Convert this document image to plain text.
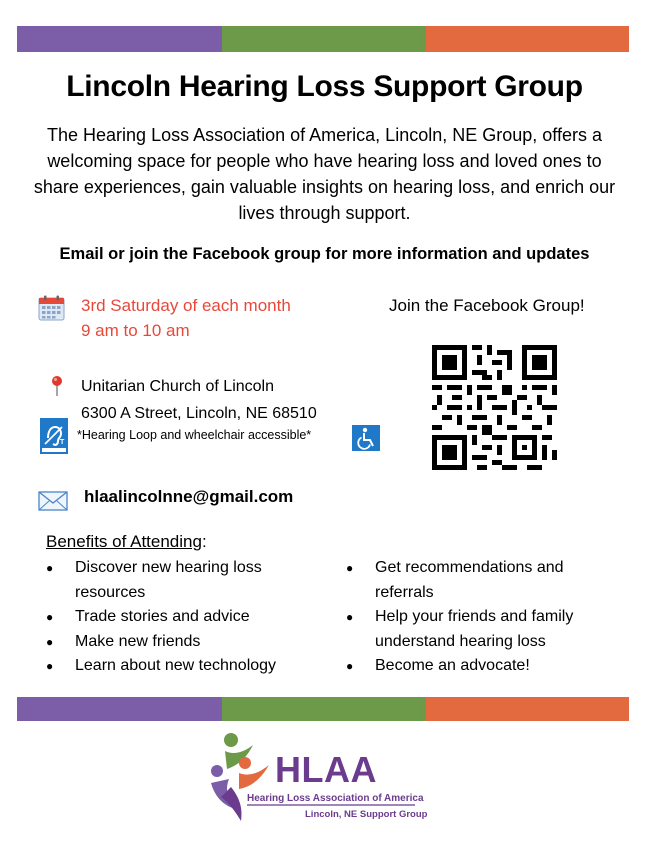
Lincoln Hearing Loss Support Group
The Hearing Loss Association of America, Lincoln, NE Group, offers a welcoming space for people who have hearing loss and loved ones to share experiences, gain valuable insights on hearing loss, and enrich our lives through support.
Email or join the Facebook group for more information and updates
3rd Saturday of each month
9 am to 10 am
Join the Facebook Group!
Unitarian Church of Lincoln
6300 A Street, Lincoln, NE 68510
T
*Hearing Loop and wheelchair accessible*
hlaalincolnne@gmail.com
Benefits of Attending:
● Discover new hearing loss resources
● Trade stories and advice
● Make new friends
● Learn about new technology
● Get recommendations and referrals
● Help your friends and family understand hearing loss
● Become an advocate!
HLAA
Hearing Loss Association of America
Lincoln, NE Support Group
